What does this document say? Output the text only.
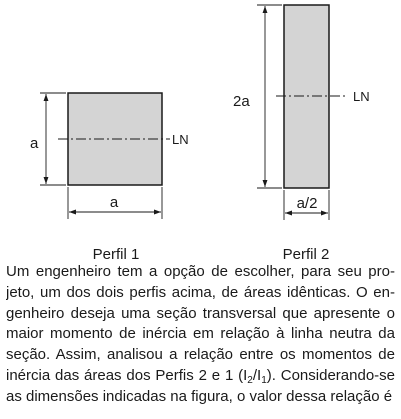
LN
a
a
Perfil 1
LN
2a
a/2
Perfil 2

Um engenheiro tem a opção de escolher, para seu pro-
jeto, um dos dois perfis acima, de áreas idênticas. O en-
genheiro deseja uma seção transversal que apresente o
maior momento de inércia em relação à linha neutra da
seção. Assim, analisou a relação entre os momentos de
inércia das áreas dos Perfis 2 e 1 $(I_2/I_1)$. Considerando-se
as dimensões indicadas na figura, o valor dessa relação é
